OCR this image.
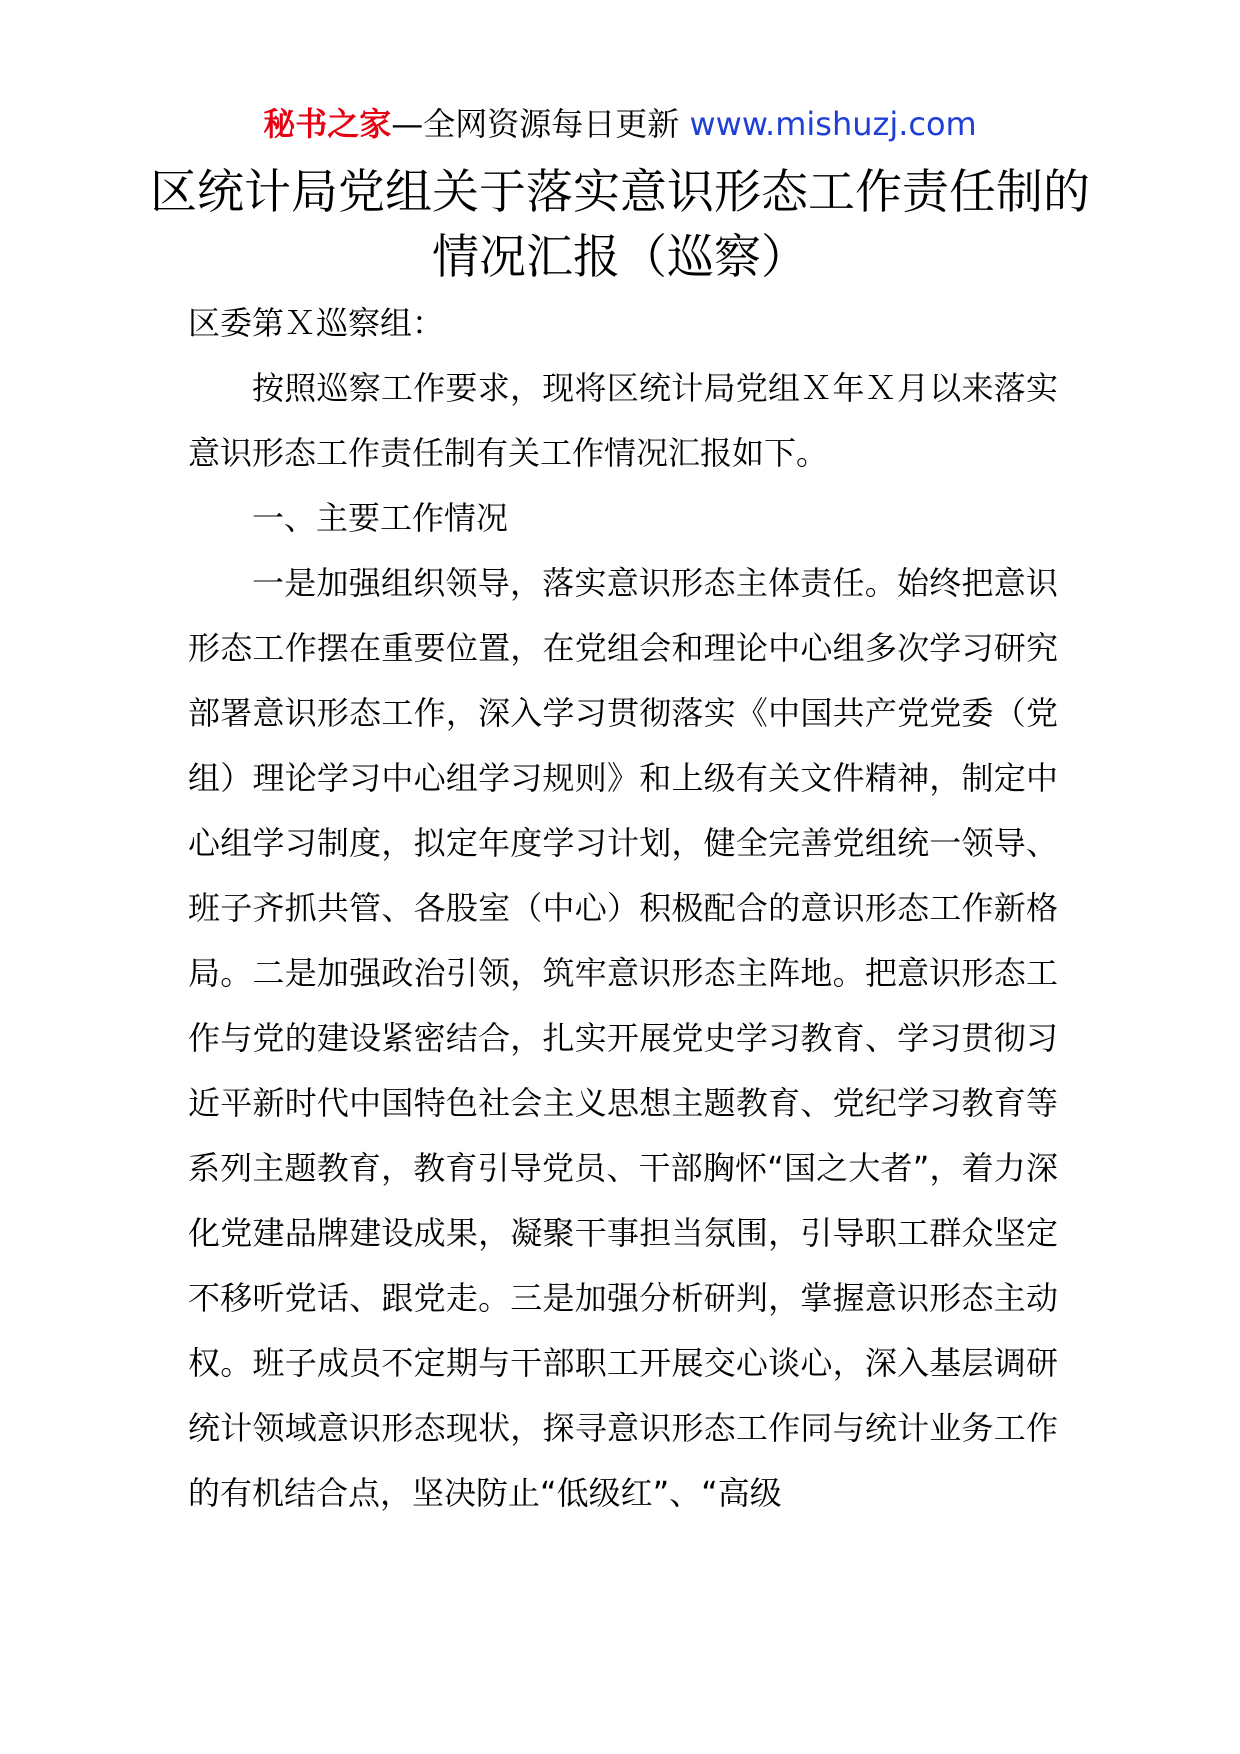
秘书之家—全网资源每日更新 www.mishuzj.com
区统计局党组关于落实意识形态工作责任制的情况汇报（巡察）

区委第Ｘ巡察组：

按照巡察工作要求，现将区统计局党组Ｘ年Ｘ月以来落实意识形态工作责任制有关工作情况汇报如下。

一、主要工作情况

一是加强组织领导，落实意识形态主体责任。始终把意识形态工作摆在重要位置，在党组会和理论中心组多次学习研究部署意识形态工作，深入学习贯彻落实《中国共产党党委（党组）理论学习中心组学习规则》和上级有关文件精神，制定中心组学习制度，拟定年度学习计划，健全完善党组统一领导、班子齐抓共管、各股室（中心）积极配合的意识形态工作新格局。二是加强政治引领，筑牢意识形态主阵地。把意识形态工作与党的建设紧密结合，扎实开展党史学习教育、学习贯彻习近平新时代中国特色社会主义思想主题教育、党纪学习教育等系列主题教育，教育引导党员、干部胸怀“国之大者”，着力深化党建品牌建设成果，凝聚干事担当氛围，引导职工群众坚定不移听党话、跟党走。三是加强分析研判，掌握意识形态主动权。班子成员不定期与干部职工开展交心谈心，深入基层调研统计领域意识形态现状，探寻意识形态工作同与统计业务工作的有机结合点，坚决防止“低级红”、“高级
